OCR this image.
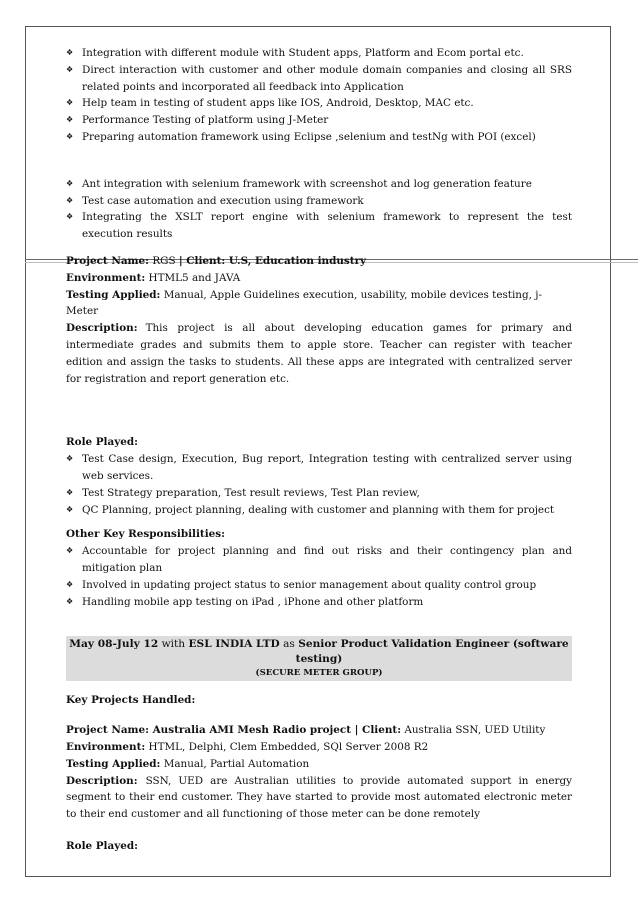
❖ Integration with different module with Student apps, Platform and Ecom portal etc.
❖ Direct interaction with customer and other module domain companies and closing all SRS related points and incorporated all feedback into Application
❖ Help team in testing of student apps like IOS, Android, Desktop, MAC etc.
❖ Performance Testing of platform using J-Meter
❖ Preparing automation framework using Eclipse ,selenium and testNg with POI (excel)
❖ Ant integration with selenium framework with screenshot and log generation feature
❖ Test case automation and execution using framework
❖ Integrating the XSLT report engine with selenium framework to represent the test execution results

Project Name: RGS | Client: U.S, Education industry

Environment: HTML5 and JAVA

Testing Applied: Manual, Apple Guidelines execution, usability, mobile devices testing, j-Meter

Description: This project is all about developing education games for primary and intermediate grades and submits them to apple store. Teacher can register with teacher edition and assign the tasks to students. All these apps are integrated with centralized server for registration and report generation etc.

Role Played:

❖ Test Case design, Execution, Bug report, Integration testing with centralized server using web services.
❖ Test Strategy preparation, Test result reviews, Test Plan review,
❖ QC Planning, project planning, dealing with customer and planning with them for project

Other Key Responsibilities:

❖ Accountable for project planning and find out risks and their contingency plan and mitigation plan
❖ Involved in updating project status to senior management about quality control group
❖ Handling mobile app testing on iPad , iPhone and other platform
May 08-July 12 with ESL INDIA LTD as Senior Product Validation Engineer (software testing)
(SECURE METER GROUP)

Key Projects Handled:

Project Name: Australia AMI Mesh Radio project | Client: Australia SSN, UED Utility

Environment: HTML, Delphi, Clem Embedded, SQl Server 2008 R2

Testing Applied: Manual, Partial Automation

Description: SSN, UED are Australian utilities to provide automated support in energy segment to their end customer. They have started to provide most automated electronic meter to their end customer and all functioning of those meter can be done remotely

Role Played:
